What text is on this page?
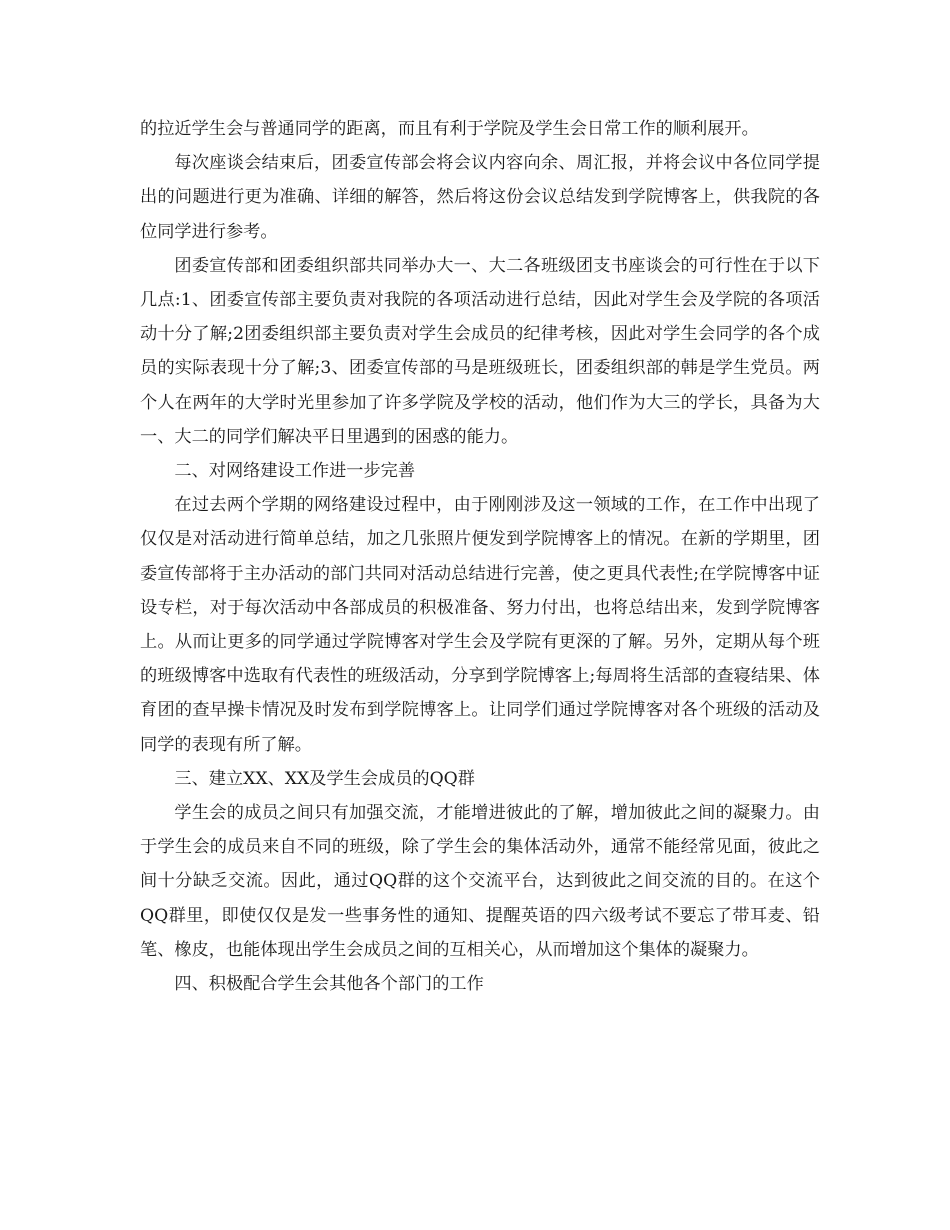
的拉近学生会与普通同学的距离，而且有利于学院及学生会日常工作的顺利展开。

每次座谈会结束后，团委宣传部会将会议内容向余、周汇报，并将会议中各位同学提出的问题进行更为准确、详细的解答，然后将这份会议总结发到学院博客上，供我院的各位同学进行参考。

团委宣传部和团委组织部共同举办大一、大二各班级团支书座谈会的可行性在于以下几点:1、团委宣传部主要负责对我院的各项活动进行总结，因此对学生会及学院的各项活动十分了解;2团委组织部主要负责对学生会成员的纪律考核，因此对学生会同学的各个成员的实际表现十分了解;3、团委宣传部的马是班级班长，团委组织部的韩是学生党员。两个人在两年的大学时光里参加了许多学院及学校的活动，他们作为大三的学长，具备为大一、大二的同学们解决平日里遇到的困惑的能力。

二、对网络建设工作进一步完善

在过去两个学期的网络建设过程中，由于刚刚涉及这一领域的工作，在工作中出现了仅仅是对活动进行简单总结，加之几张照片便发到学院博客上的情况。在新的学期里，团委宣传部将于主办活动的部门共同对活动总结进行完善，使之更具代表性;在学院博客中证设专栏，对于每次活动中各部成员的积极准备、努力付出，也将总结出来，发到学院博客上。从而让更多的同学通过学院博客对学生会及学院有更深的了解。另外，定期从每个班的班级博客中选取有代表性的班级活动，分享到学院博客上;每周将生活部的查寝结果、体育团的查早操卡情况及时发布到学院博客上。让同学们通过学院博客对各个班级的活动及同学的表现有所了解。

三、建立XX、XX及学生会成员的QQ群

学生会的成员之间只有加强交流，才能增进彼此的了解，增加彼此之间的凝聚力。由于学生会的成员来自不同的班级，除了学生会的集体活动外，通常不能经常见面，彼此之间十分缺乏交流。因此，通过QQ群的这个交流平台，达到彼此之间交流的目的。在这个QQ群里，即使仅仅是发一些事务性的通知、提醒英语的四六级考试不要忘了带耳麦、铅笔、橡皮，也能体现出学生会成员之间的互相关心，从而增加这个集体的凝聚力。

四、积极配合学生会其他各个部门的工作
